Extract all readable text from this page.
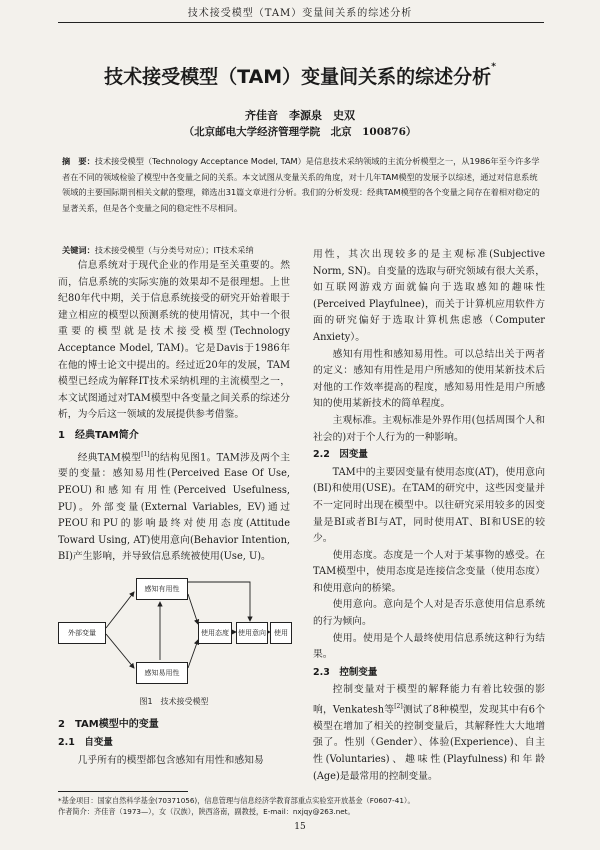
技术接受模型（TAM）变量间关系的综述分析
技术接受模型（TAM）变量间关系的综述分析*
齐佳音　李源泉　史双
（北京邮电大学经济管理学院　北京　100876）
摘　要：技术接受模型（Technology Acceptance Model, TAM）是信息技术采纳领域的主流分析模型之一，从1986年至今许多学者在不同的领域检验了模型中各变量之间的关系。本文试图从变量关系的角度，对十几年TAM模型的发展予以综述，通过对信息系统领域的主要国际期刊相关文献的整理，筛选出31篇文章进行分析。我们的分析发现：经典TAM模型的各个变量之间存在着相对稳定的显著关系，但是各个变量之间的稳定性不尽相同。
关键词：技术接受模型（与分类号对应）；IT技术采纳

信息系统对于现代企业的作用是至关重要的。然而，信息系统的实际实施的效果却不是很理想。上世纪80年代中期，关于信息系统接受的研究开始着眼于建立相应的模型以预测系统的使用情况，其中一个很重要的模型就是技术接受模型(Technology Acceptance Model, TAM)。它是Davis于1986年在他的博士论文中提出的。经过近20年的发展，TAM模型已经成为解释IT技术采纳机理的主流模型之一，本文试图通过对TAM模型中各变量之间关系的综述分析，为今后这一领域的发展提供参考借鉴。

1　经典TAM简介

经典TAM模型[1]的结构见图1。TAM涉及两个主要的变量：感知易用性(Perceived Ease Of Use, PEOU)和感知有用性(Perceived Usefulness, PU)。外部变量(External Variables, EV)通过PEOU和PU的影响最终对使用态度(Attitude Toward Using, AT)使用意向(Behavior Intention, BI)产生影响，并导致信息系统被使用(Use, U)。

外部变量
感知有用性
感知易用性
使用态度	使用意向	使用
图1　技术接受模型
2　TAM模型中的变量
2.1　自变量

几乎所有的模型都包含感知有用性和感知易

用性，其次出现较多的是主观标准(Subjective Norm, SN)。自变量的选取与研究领域有很大关系，如互联网游戏方面就偏向于选取感知的趣味性(Perceived Playfulnee)，而关于计算机应用软件方面的研究偏好于选取计算机焦虑感（Computer Anxiety）。

感知有用性和感知易用性。可以总结出关于两者的定义：感知有用性是用户所感知的使用某新技术后对他的工作效率提高的程度，感知易用性是用户所感知的使用某新技术的简单程度。

主观标准。主观标准是外界作用(包括周围个人和社会的)对于个人行为的一种影响。

2.2　因变量

TAM中的主要因变量有使用态度(AT)，使用意向(BI)和使用(USE)。在TAM的研究中，这些因变量并不一定同时出现在模型中。以往研究采用较多的因变量是BI或者BI与AT，同时使用AT、BI和USE的较少。

使用态度。态度是一个人对于某事物的感受。在TAM模型中，使用态度是连接信念变量（使用态度）和使用意向的桥梁。

使用意向。意向是个人对是否乐意使用信息系统的行为倾向。

使用。使用是个人最终使用信息系统这种行为结果。

2.3　控制变量

控制变量对于模型的解释能力有着比较强的影响，Venkatesh等[2]测试了8种模型，发现其中有6个模型在增加了相关的控制变量后，其解释性大大地增强了。性别（Gender）、体验(Experience)、自主性(Voluntaries)、趣味性(Playfulness)和年龄(Age)是最常用的控制变量。

*基金项目：国家自然科学基金(70371056)，信息管理与信息经济学教育部重点实验室开放基金（F0607-41）。
作者简介：齐佳音（1973—），女（汉族），陕西洛南，副教授，E-mail：nxjqy@263.net。
15
